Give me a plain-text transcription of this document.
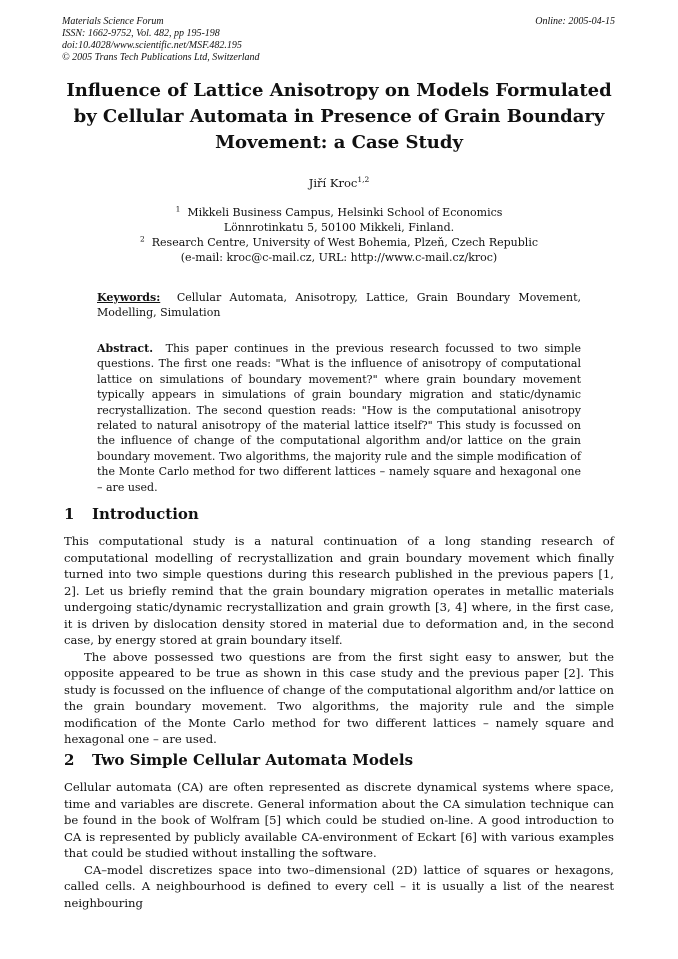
Materials Science Forum
ISSN: 1662-9752, Vol. 482, pp 195-198
doi:10.4028/www.scientific.net/MSF.482.195
© 2005 Trans Tech Publications Ltd, Switzerland
Online: 2005-04-15
Influence of Lattice Anisotropy on Models Formulated by Cellular Automata in Presence of Grain Boundary Movement: a Case Study
Jiří Kroc$^{1,2}$
$^1$ Mikkeli Business Campus, Helsinki School of Economics
Lönnrotinkatu 5, 50100 Mikkeli, Finland.
$^2$ Research Centre, University of West Bohemia, Plzeň, Czech Republic
(e-mail: kroc@c-mail.cz, URL: http://www.c-mail.cz/kroc)
Keywords: Cellular Automata, Anisotropy, Lattice, Grain Boundary Movement, Modelling, Simulation
Abstract. This paper continues in the previous research focussed to two simple questions. The first one reads: "What is the influence of anisotropy of computational lattice on simulations of boundary movement?" where grain boundary movement typically appears in simulations of grain boundary migration and static/dynamic recrystallization. The second question reads: "How is the computational anisotropy related to natural anisotropy of the material lattice itself?" This study is focussed on the influence of change of the computational algorithm and/or lattice on the grain boundary movement. Two algorithms, the majority rule and the simple modification of the Monte Carlo method for two different lattices – namely square and hexagonal one – are used.
1 Introduction

This computational study is a natural continuation of a long standing research of computational modelling of recrystallization and grain boundary movement which finally turned into two simple questions during this research published in the previous papers [1, 2]. Let us briefly remind that the grain boundary migration operates in metallic materials undergoing static/dynamic recrystallization and grain growth [3, 4] where, in the first case, it is driven by dislocation density stored in material due to deformation and, in the second case, by energy stored at grain boundary itself.

The above possessed two questions are from the first sight easy to answer, but the opposite appeared to be true as shown in this case study and the previous paper [2]. This study is focussed on the influence of change of the computational algorithm and/or lattice on the grain boundary movement. Two algorithms, the majority rule and the simple modification of the Monte Carlo method for two different lattices – namely square and hexagonal one – are used.

2 Two Simple Cellular Automata Models

Cellular automata (CA) are often represented as discrete dynamical systems where space, time and variables are discrete. General information about the CA simulation technique can be found in the book of Wolfram [5] which could be studied on-line. A good introduction to CA is represented by publicly available CA-environment of Eckart [6] with various examples that could be studied without installing the software.

CA–model discretizes space into two–dimensional (2D) lattice of squares or hexagons, called cells. A neighbourhood is defined to every cell – it is usually a list of the nearest neighbouring
